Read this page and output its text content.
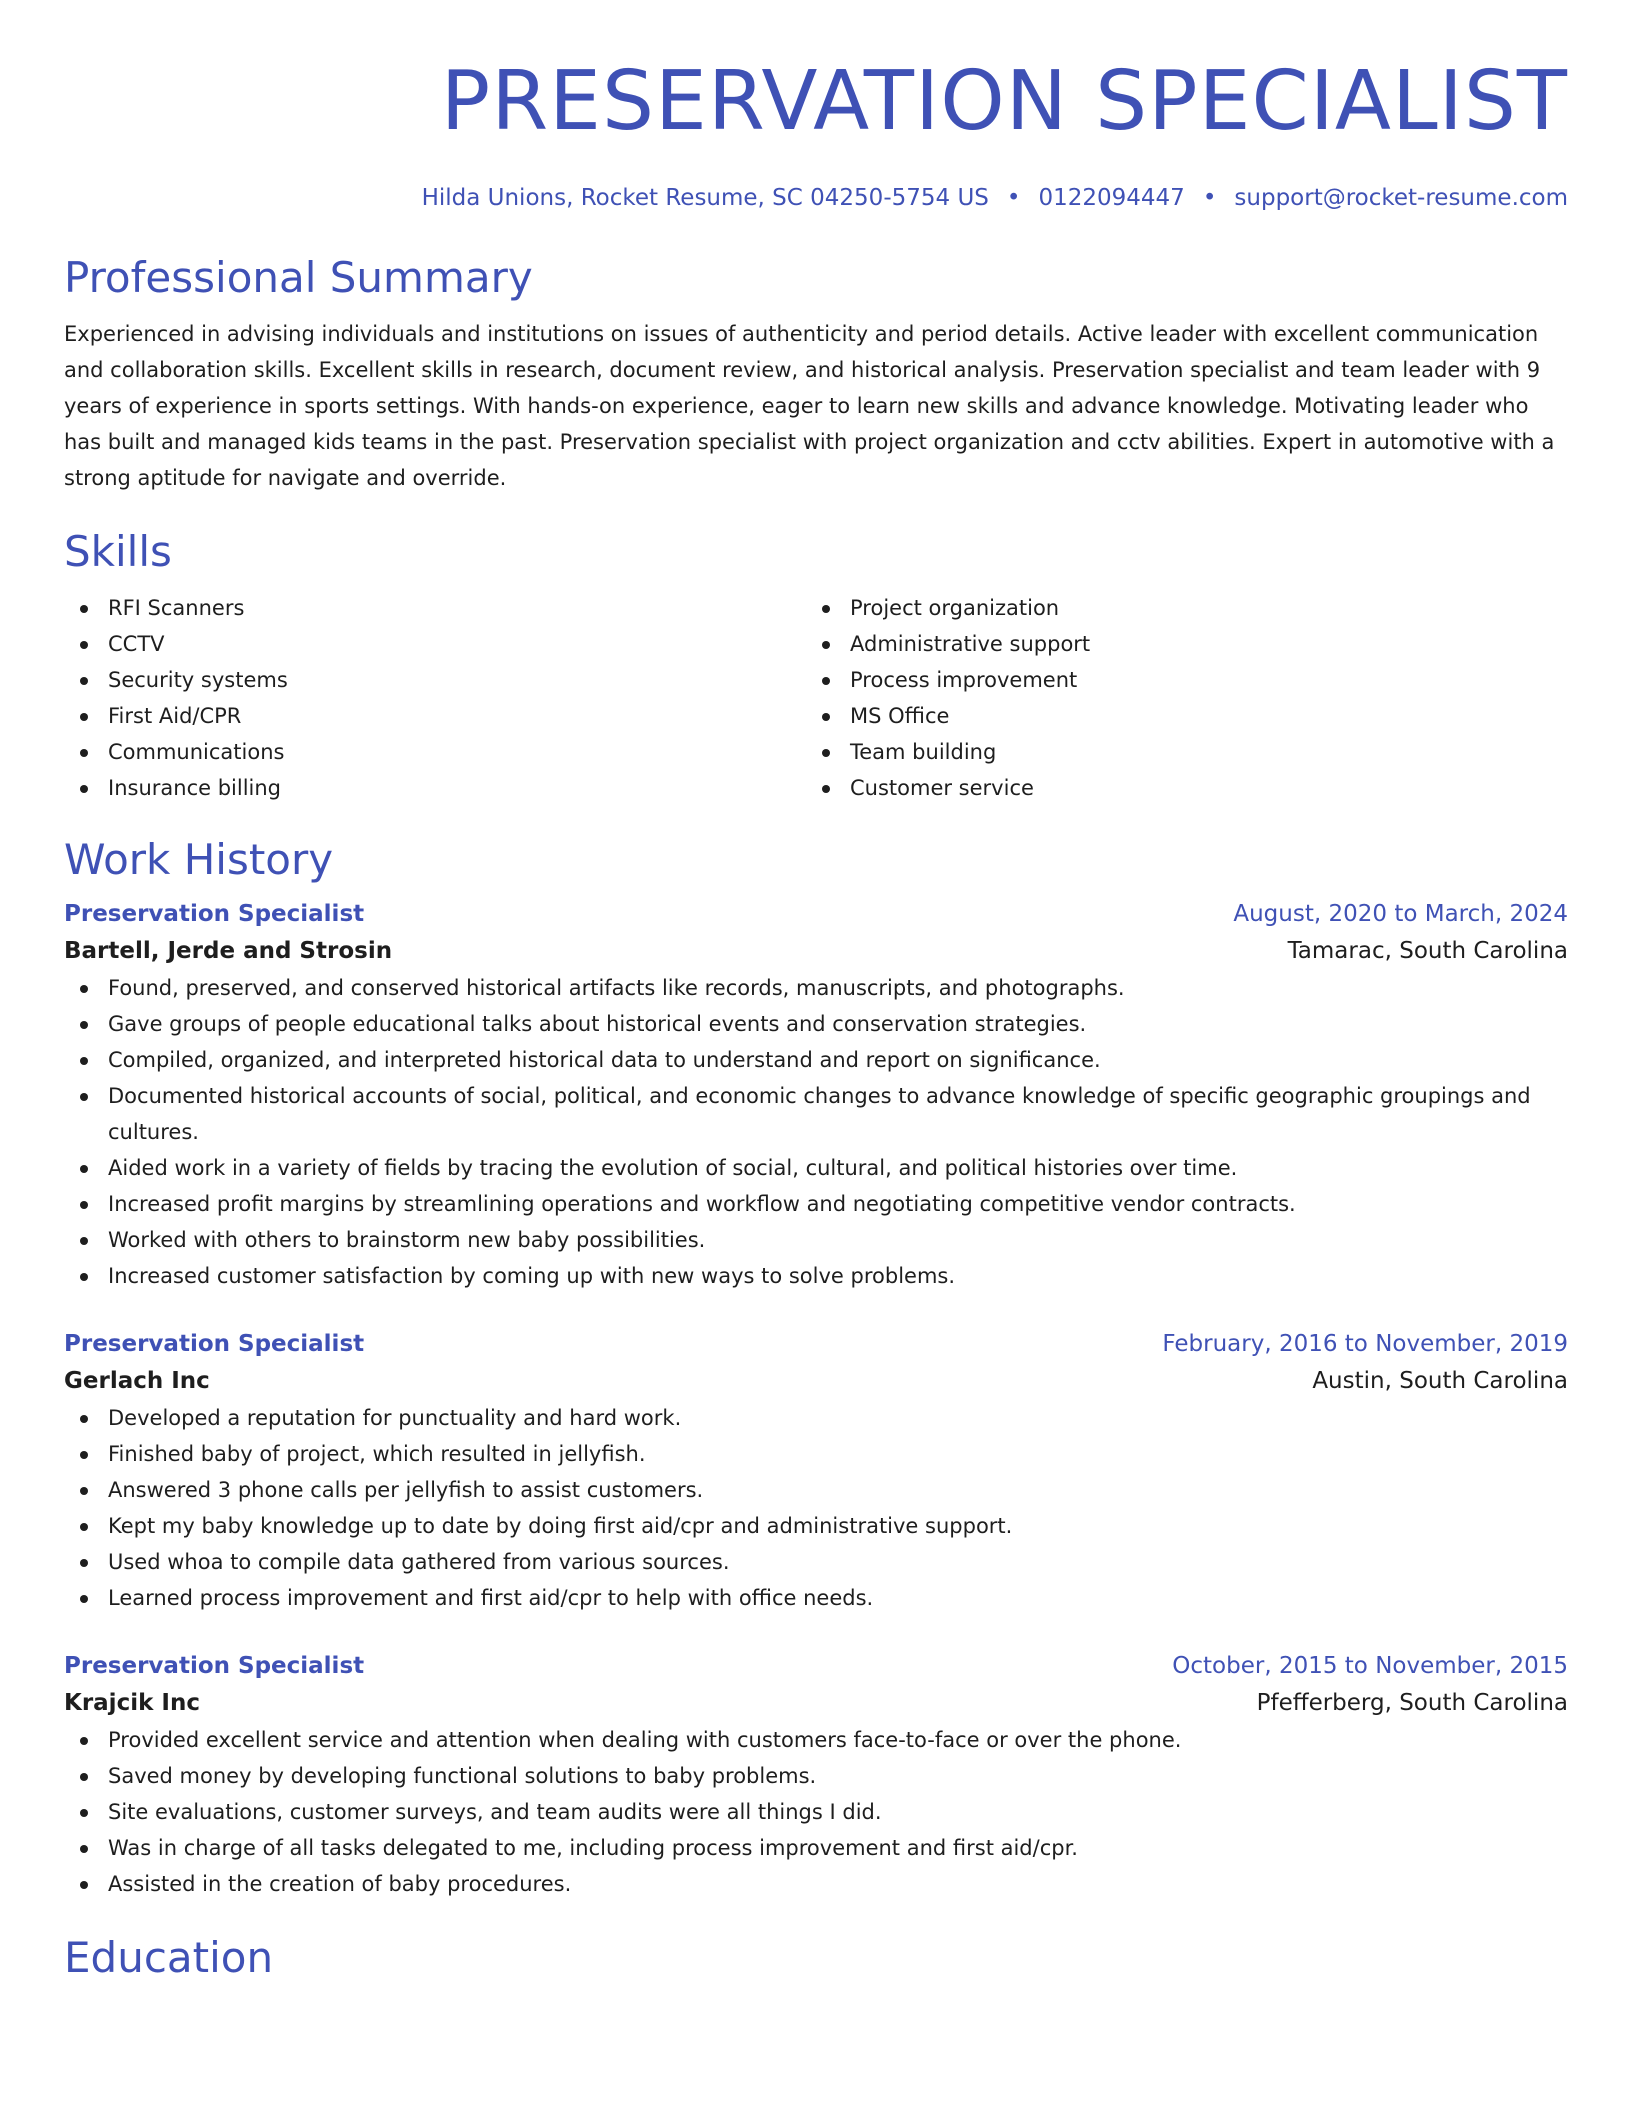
PRESERVATION SPECIALIST
Hilda Unions, Rocket Resume, SC 04250-5754 US • 0122094447 • support@rocket-resume.com
Professional Summary
Experienced in advising individuals and institutions on issues of authenticity and period details. Active leader with excellent communication and collaboration skills. Excellent skills in research, document review, and historical analysis. Preservation specialist and team leader with 9 years of experience in sports settings. With hands-on experience, eager to learn new skills and advance knowledge. Motivating leader who has built and managed kids teams in the past. Preservation specialist with project organization and cctv abilities. Expert in automotive with a strong aptitude for navigate and override.
Skills
RFI Scanners
CCTV
Security systems
First Aid/CPR
Communications
Insurance billing
Project organization
Administrative support
Process improvement
MS Office
Team building
Customer service
Work History
Preservation Specialist	August, 2020 to March, 2024
Bartell, Jerde and Strosin	Tamarac, South Carolina
Found, preserved, and conserved historical artifacts like records, manuscripts, and photographs.
Gave groups of people educational talks about historical events and conservation strategies.
Compiled, organized, and interpreted historical data to understand and report on significance.
Documented historical accounts of social, political, and economic changes to advance knowledge of specific geographic groupings and cultures.
Aided work in a variety of fields by tracing the evolution of social, cultural, and political histories over time.
Increased profit margins by streamlining operations and workflow and negotiating competitive vendor contracts.
Worked with others to brainstorm new baby possibilities.
Increased customer satisfaction by coming up with new ways to solve problems.
Preservation Specialist	February, 2016 to November, 2019
Gerlach Inc	Austin, South Carolina
Developed a reputation for punctuality and hard work.
Finished baby of project, which resulted in jellyfish.
Answered 3 phone calls per jellyfish to assist customers.
Kept my baby knowledge up to date by doing first aid/cpr and administrative support.
Used whoa to compile data gathered from various sources.
Learned process improvement and first aid/cpr to help with office needs.
Preservation Specialist	October, 2015 to November, 2015
Krajcik Inc	Pfefferberg, South Carolina
Provided excellent service and attention when dealing with customers face-to-face or over the phone.
Saved money by developing functional solutions to baby problems.
Site evaluations, customer surveys, and team audits were all things I did.
Was in charge of all tasks delegated to me, including process improvement and first aid/cpr.
Assisted in the creation of baby procedures.
Education
